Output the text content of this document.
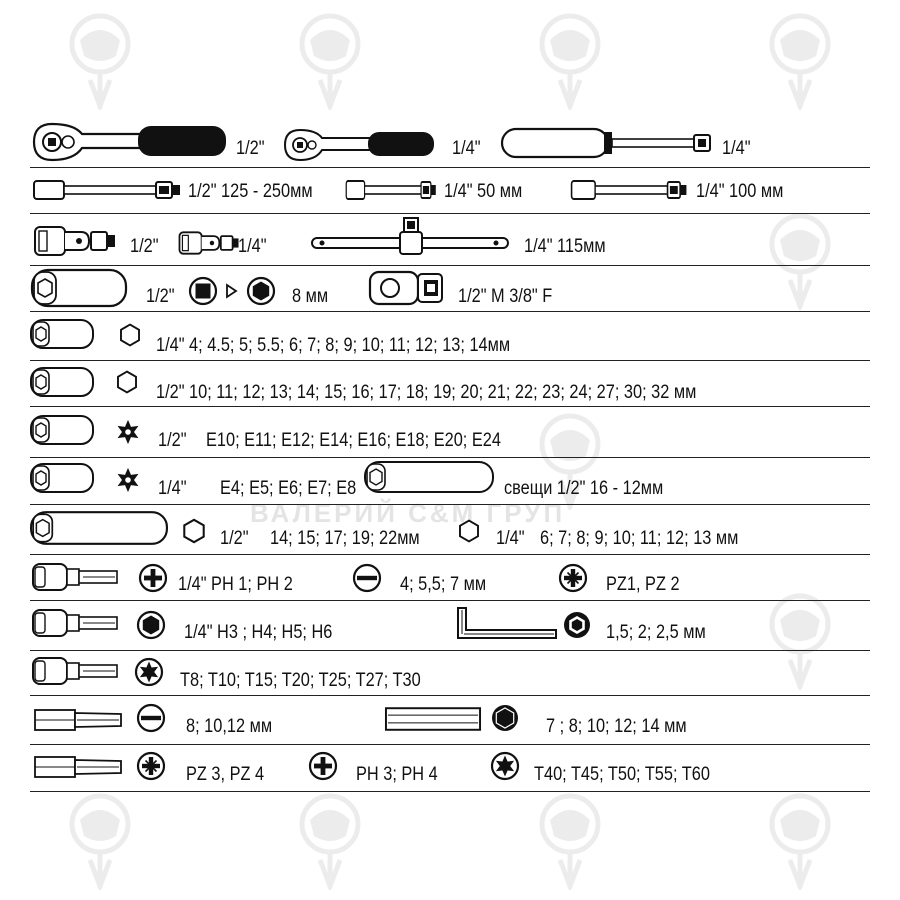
ВАЛЕРИЙ С&М ГРУП
1/2"	1/4"	1/4"
1/2" 125 - 250мм	1/4" 50 мм	1/4" 100 мм
1/2"	1/4"	1/4" 115мм
1/2"	8 мм	1/2" M 3/8" F
1/4" 4; 4.5; 5; 5.5; 6; 7; 8; 9; 10; 11; 12; 13; 14мм
1/2" 10; 11; 12; 13; 14; 15; 16; 17; 18; 19; 20; 21; 22; 23; 24; 27; 30; 32 мм
1/2" E10; E11; E12; E14; E16; E18; E20; E24
1/4" E4; E5; E6; E7; E8	свещи 1/2" 16 - 12мм
1/2" 14; 15; 17; 19; 22мм	1/4" 6; 7; 8; 9; 10; 11; 12; 13 мм
1/4" PH 1; PH 2	4; 5,5; 7 мм	PZ1, PZ 2
1/4" H3 ; H4; H5; H6	1,5; 2; 2,5 мм
T8; T10; T15; T20; T25; T27; T30
8; 10,12 мм	7 ; 8; 10; 12; 14 мм
PZ 3, PZ 4	PH 3; PH 4	T40; T45; T50; T55; T60
